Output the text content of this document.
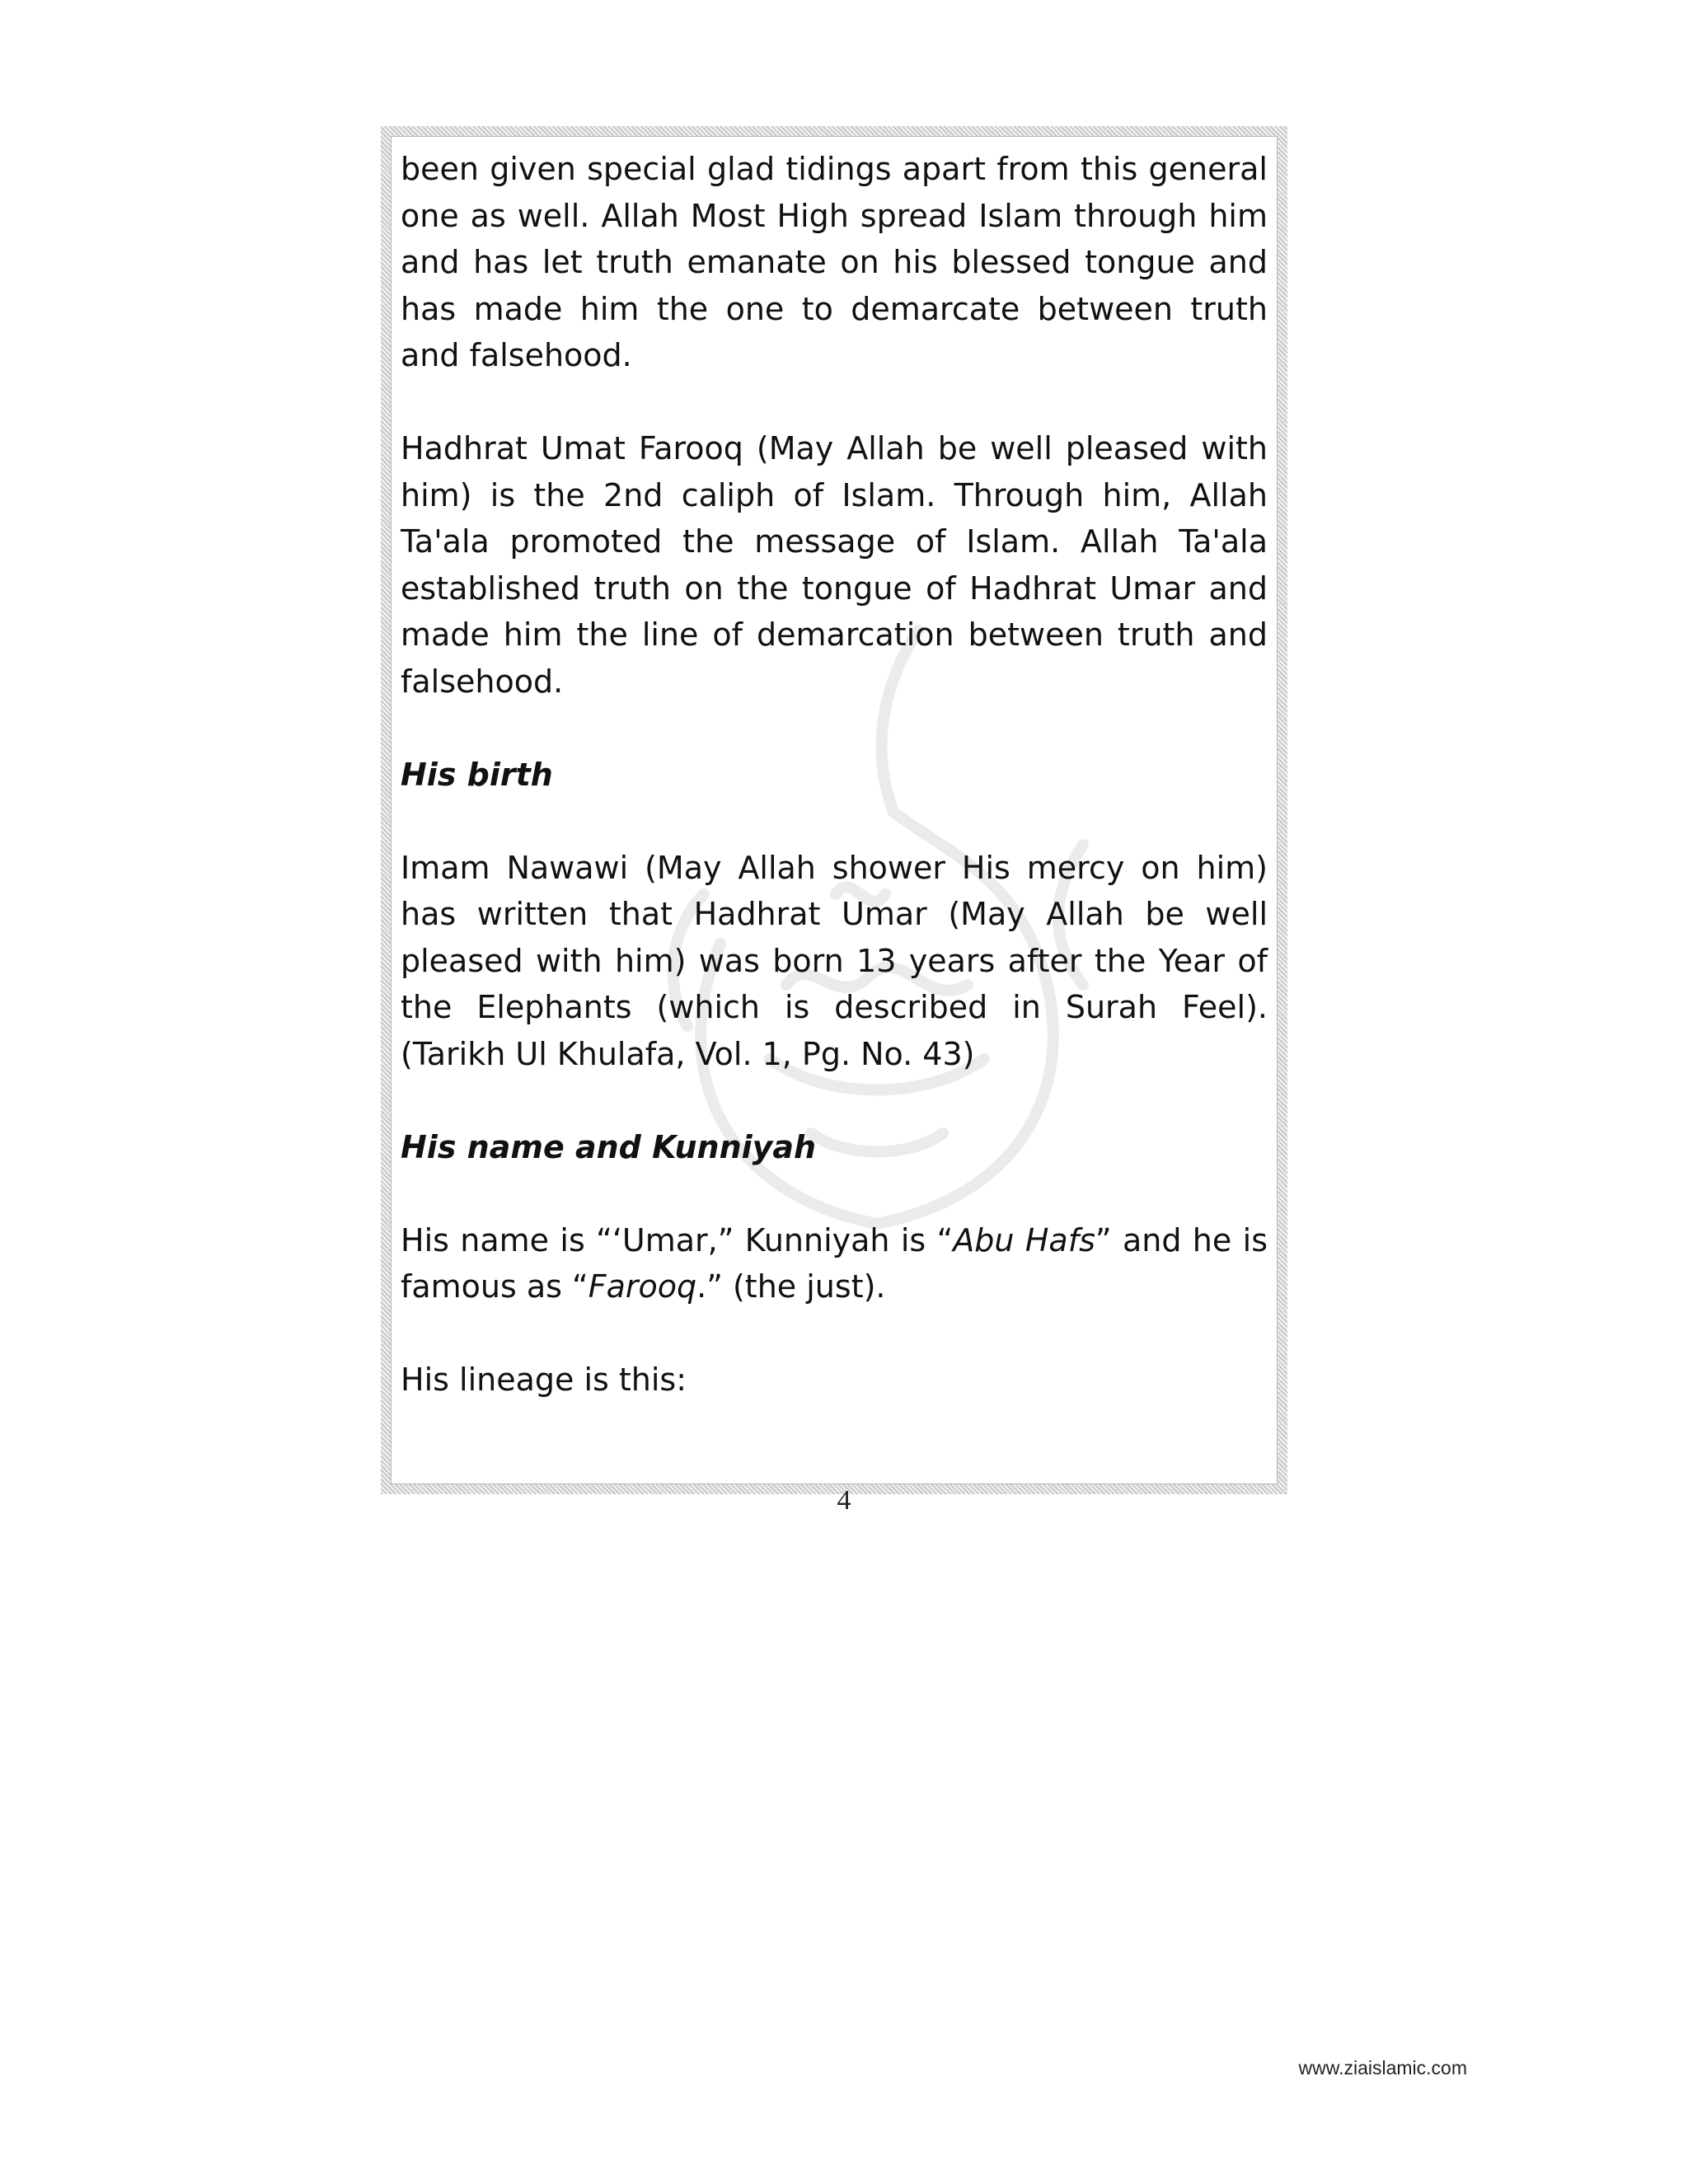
been given special glad tidings apart from this general one as well. Allah Most High spread Islam through him and has let truth emanate on his blessed tongue and has made him the one to demarcate between truth and falsehood.

Hadhrat Umat Farooq (May Allah be well pleased with him) is the 2nd caliph of Islam. Through him, Allah Ta'ala promoted the message of Islam. Allah Ta'ala established truth on the tongue of Hadhrat Umar and made him the line of demarcation between truth and falsehood.

His birth

Imam Nawawi (May Allah shower His mercy on him) has written that Hadhrat Umar (May Allah be well pleased with him) was born 13 years after the Year of the Elephants (which is described in Surah Feel). (Tarikh Ul Khulafa, Vol. 1, Pg. No. 43)

His name and Kunniyah

His name is “‘Umar,” Kunniyah is “Abu Hafs” and he is famous as “Farooq.” (the just).

His lineage is this:

4
www.ziaislamic.com
